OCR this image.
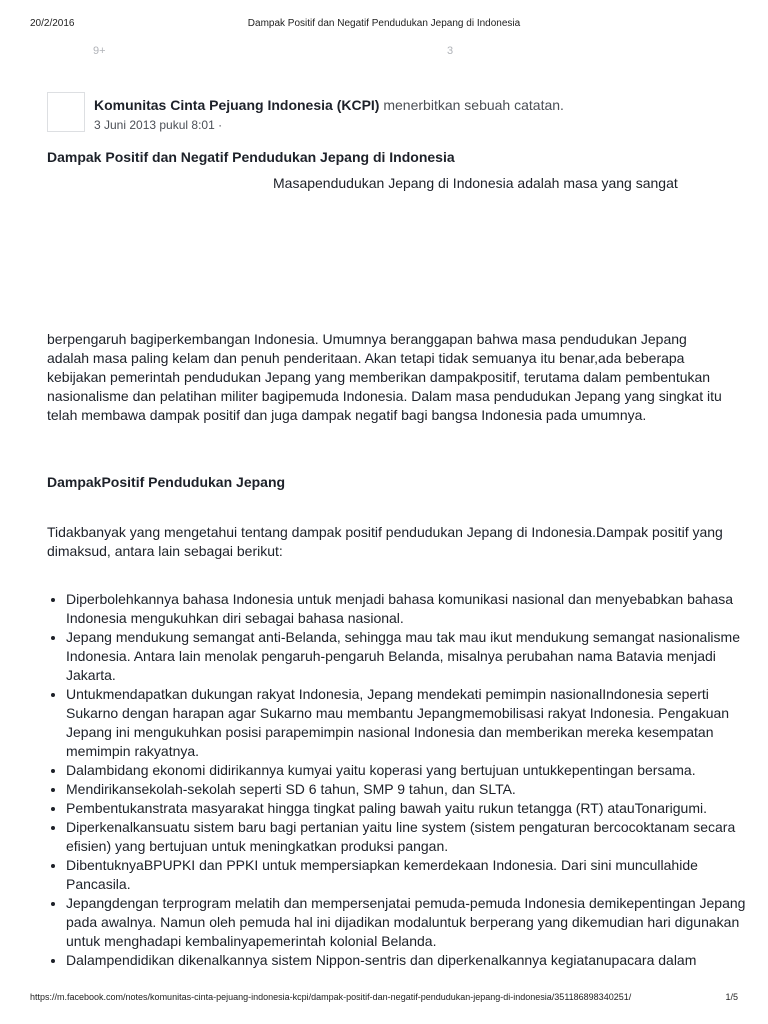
20/2/2016	Dampak Positif dan Negatif Pendudukan Jepang di Indonesia
9+	3
Komunitas Cinta Pejuang Indonesia (KCPI) menerbitkan sebuah catatan.
3 Juni 2013 pukul 8:01 ·
Dampak Positif dan Negatif Pendudukan Jepang di Indonesia
Masapendudukan Jepang di Indonesia adalah masa yang sangat

berpengaruh bagiperkembangan Indonesia. Umumnya beranggapan bahwa masa pendudukan Jepang adalah masa paling kelam dan penuh penderitaan. Akan tetapi tidak semuanya itu benar,ada beberapa kebijakan pemerintah pendudukan Jepang yang memberikan dampakpositif, terutama dalam pembentukan nasionalisme dan pelatihan militer bagipemuda Indonesia. Dalam masa pendudukan Jepang yang singkat itu telah membawa dampak positif dan juga dampak negatif bagi bangsa Indonesia pada umumnya.

DampakPositif Pendudukan Jepang

Tidakbanyak yang mengetahui tentang dampak positif pendudukan Jepang di Indonesia.Dampak positif yang dimaksud, antara lain sebagai berikut:

• Diperbolehkannya bahasa Indonesia untuk menjadi bahasa komunikasi nasional dan menyebabkan bahasa Indonesia mengukuhkan diri sebagai bahasa nasional.
• Jepang mendukung semangat anti-Belanda, sehingga mau tak mau ikut mendukung semangat nasionalisme Indonesia. Antara lain menolak pengaruh-pengaruh Belanda, misalnya perubahan nama Batavia menjadi Jakarta.
• Untukmendapatkan dukungan rakyat Indonesia, Jepang mendekati pemimpin nasionalIndonesia seperti Sukarno dengan harapan agar Sukarno mau membantu Jepangmemobilisasi rakyat Indonesia. Pengakuan Jepang ini mengukuhkan posisi parapemimpin nasional Indonesia dan memberikan mereka kesempatan memimpin rakyatnya.
• Dalambidang ekonomi didirikannya kumyai yaitu koperasi yang bertujuan untukkepentingan bersama.
• Mendirikansekolah-sekolah seperti SD 6 tahun, SMP 9 tahun, dan SLTA.
• Pembentukanstrata masyarakat hingga tingkat paling bawah yaitu rukun tetangga (RT) atauTonarigumi.
• Diperkenalkansuatu sistem baru bagi pertanian yaitu line system (sistem pengaturan bercocoktanam secara efisien) yang bertujuan untuk meningkatkan produksi pangan.
• DibentuknyaBPUPKI dan PPKI untuk mempersiapkan kemerdekaan Indonesia. Dari sini muncullahide Pancasila.
• Jepangdengan terprogram melatih dan mempersenjatai pemuda-pemuda Indonesia demikepentingan Jepang pada awalnya. Namun oleh pemuda hal ini dijadikan modaluntuk berperang yang dikemudian hari digunakan untuk menghadapi kembalinyapemerintah kolonial Belanda.
• Dalampendidikan dikenalkannya sistem Nippon-sentris dan diperkenalkannya kegiatanupacara dalam
https://m.facebook.com/notes/komunitas-cinta-pejuang-indonesia-kcpi/dampak-positif-dan-negatif-pendudukan-jepang-di-indonesia/351186898340251/	1/5
